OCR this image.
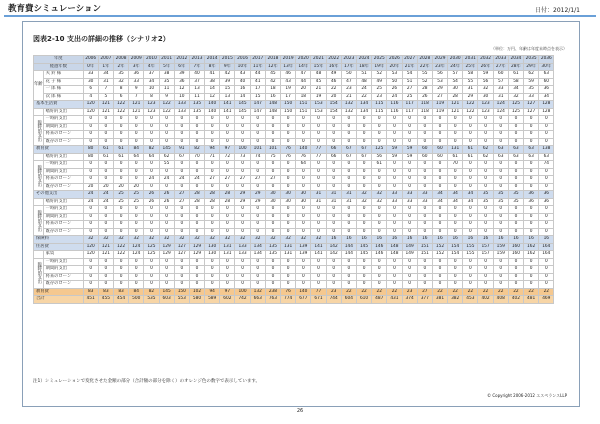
教育費シミュレーション	日付：2012/1/1
図表2-10 支出の詳細の推移（シナリオ2）
（単位：万円、年齢は年度末時点を表示）
年度		2006	2007	2008	2009	2010	2011	2012	2013	2014	2015	2016	2017	2018	2019	2020	2021	2022	2023	2024	2025	2026	2027	2028	2029	2030	2031	2032	2033	2034	2035	2036
経過年数		0年	1年	2年	3年	4年	5年	6年	7年	8年	9年	10年	11年	12年	13年	14年	15年	16年	17年	18年	19年	20年	21年	22年	23年	24年	25年	26年	27年	28年	29年	30年
年齢	夫 鈴 様	33	34	35	36	37	38	39	40	41	42	43	44	45	46	47	48	49	50	51	52	53	54	55	56	57	58	59	60	61	62	63
	花 子 様	30	31	32	33	34	35	36	37	38	39	40	41	42	43	44	45	46	47	48	49	50	51	52	53	54	55	56	57	58	59	60
	一 郎 様	6	7	8	9	10	11	12	13	14	15	16	17	18	19	20	21	22	23	24	25	26	27	28	29	30	31	32	33	34	35	36
	次 郎 様	4	5	6	7	8	9	10	11	12	13	14	15	16	17	18	19	20	21	22	23	24	25	26	27	28	29	30	31	32	33	34
基本生活費		120	121	122	121	123	122	133	135	140	141	145	147	148	150	151	153	154	132	134	115	116	117	118	119	121	122	123	124	125	127	128
	嗜好的支出	120	121	122	121	123	122	133	135	140	141	145	147	148	150	151	153	154	132	134	115	116	117	118	119	121	122	123	124	125	127	128
臨時的支出	一時的支出	0	0	0	0	0	0	0	0	0	0	0	0	0	0	0	0	0	0	0	0	0	0	0	0	0	0	0	0	0	0	0
	期間的支出	0	0	0	0	0	0	0	0	0	0	0	0	0	0	0	0	0	0	0	0	0	0	0	0	0	0	0	0	0	0	0
	将来のローン	0	0	0	0	0	0	0	0	0	0	0	0	0	0	0	0	0	0	0	0	0	0	0	0	0	0	0	0	0	0	0
	既存のローン	0	0	0	0	0	0	0	0	0	0	0	0	0	0	0	0	0	0	0	0	0	0	0	0	0	0	0	0	0	0	0
教育費		80	61	61	84	82	145	91	82	94	97	100	101	101	76	140	77	66	67	67	125	59	59	60	60	131	61	62	63	63	63	138
	嗜好的支出	80	61	61	64	64	62	67	70	71	72	73	74	75	76	76	77	66	67	67	56	59	59	60	60	61	61	62	63	63	63	63
臨時的支出	一時的支出	0	0	0	0	0	55	0	0	0	0	0	0	0	0	64	0	0	0	0	61	0	0	0	0	70	0	0	0	0	0	74
	期間的支出	0	0	0	0	0	0	0	0	0	0	0	0	0	0	0	0	0	0	0	0	0	0	0	0	0	0	0	0	0	0	0
	将来のローン	0	0	0	0	24	24	24	24	27	27	27	27	27	0	0	0	0	0	0	0	0	0	0	0	0	0	0	0	0	0	0
	既存のローン	20	20	20	20	0	0	0	0	0	0	0	0	0	0	0	0	0	0	0	0	0	0	0	0	0	0	0	0	0	0	0
その他支出		24	24	25	25	26	26	27	28	28	28	29	29	30	30	30	31	31	31	32	32	33	33	33	34	34	34	35	35	35	36	36
	嗜好的支出	24	24	25	25	26	26	27	28	28	28	29	29	30	30	30	31	31	31	32	32	33	33	33	34	34	34	35	35	35	36	36
臨時的支出	一時的支出	0	0	0	0	0	0	0	0	0	0	0	0	0	0	0	0	0	0	0	0	0	0	0	0	0	0	0	0	0	0	0
	期間的支出	0	0	0	0	0	0	0	0	0	0	0	0	0	0	0	0	0	0	0	0	0	0	0	0	0	0	0	0	0	0	0
	将来のローン	0	0	0	0	0	0	0	0	0	0	0	0	0	0	0	0	0	0	0	0	0	0	0	0	0	0	0	0	0	0	0
	既存のローン	0	0	0	0	0	0	0	0	0	0	0	0	0	0	0	0	0	0	0	0	0	0	0	0	0	0	0	0	0	0	0
保険料		32	32	32	32	32	32	32	32	32	32	32	32	32	32	32	32	16	16	16	16	16	16	16	16	16	16	16	16	16	16	16
住居費		120	121	122	124	125	129	127	129	130	131	133	134	135	131	139	141	142	144	145	146	148	149	151	152	154	155	157	159	160	162	164
	家賃	120	121	122	124	125	129	127	129	130	131	133	134	135	131	139	141	142	144	145	146	148	149	151	152	154	155	157	159	160	162	164
臨時的支出	一時的支出	0	0	0	0	0	0	0	0	0	0	0	0	0	0	0	0	0	0	0	0	0	0	0	0	0	0	0	0	0	0	0
	期間的支出	0	0	0	0	0	0	0	0	0	0	0	0	0	0	0	0	0	0	0	0	0	0	0	0	0	0	0	0	0	0	0
	将来のローン	0	0	0	0	0	0	0	0	0	0	0	0	0	0	0	0	0	0	0	0	0	0	0	0	0	0	0	0	0	0	0
	既存のローン	0	0	0	0	0	0	0	0	0	0	0	0	0	0	0	0	0	0	0	0	0	0	0	0	0	0	0	0	0	0	0
教育費		83	83	83	84	82	145	150	102	94	97	100	132	238	76	140	77	23	22	22	22	22	23	27	22	22	22	22	22	22	22	22
合計		451	455	454	500	535	603	553	580	589	602	742	663	763	774	677	671	744	604	610	487	431	374	377	381	382	453	402	408	402	481	469
注1）シミュレーションで変化させた金額の部分（合計額の部分を除く）のオレンジ色の数字で表示しています。
© Copyright 2006-2012 エスペランスLLP
26
